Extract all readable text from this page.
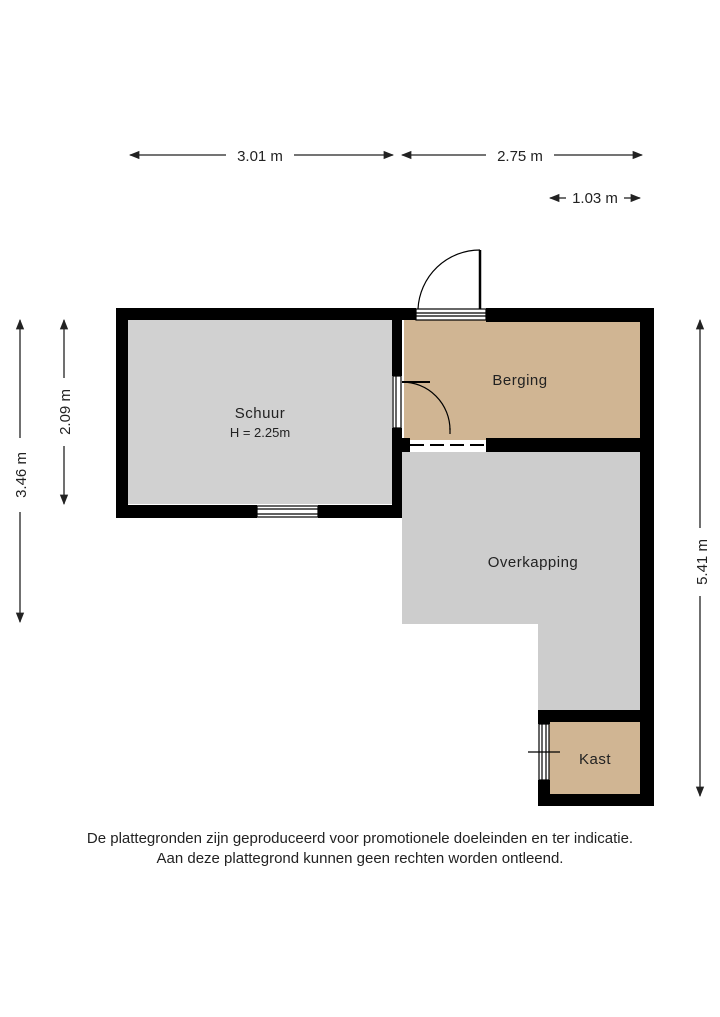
Schuur
H = 2.25m
Berging
Overkapping
Kast
3.01 m	2.75 m
1.03 m
3.46 m
2.09 m
5.41 m
De plattegronden zijn geproduceerd voor promotionele doeleinden en ter indicatie.
Aan deze plattegrond kunnen geen rechten worden ontleend.
